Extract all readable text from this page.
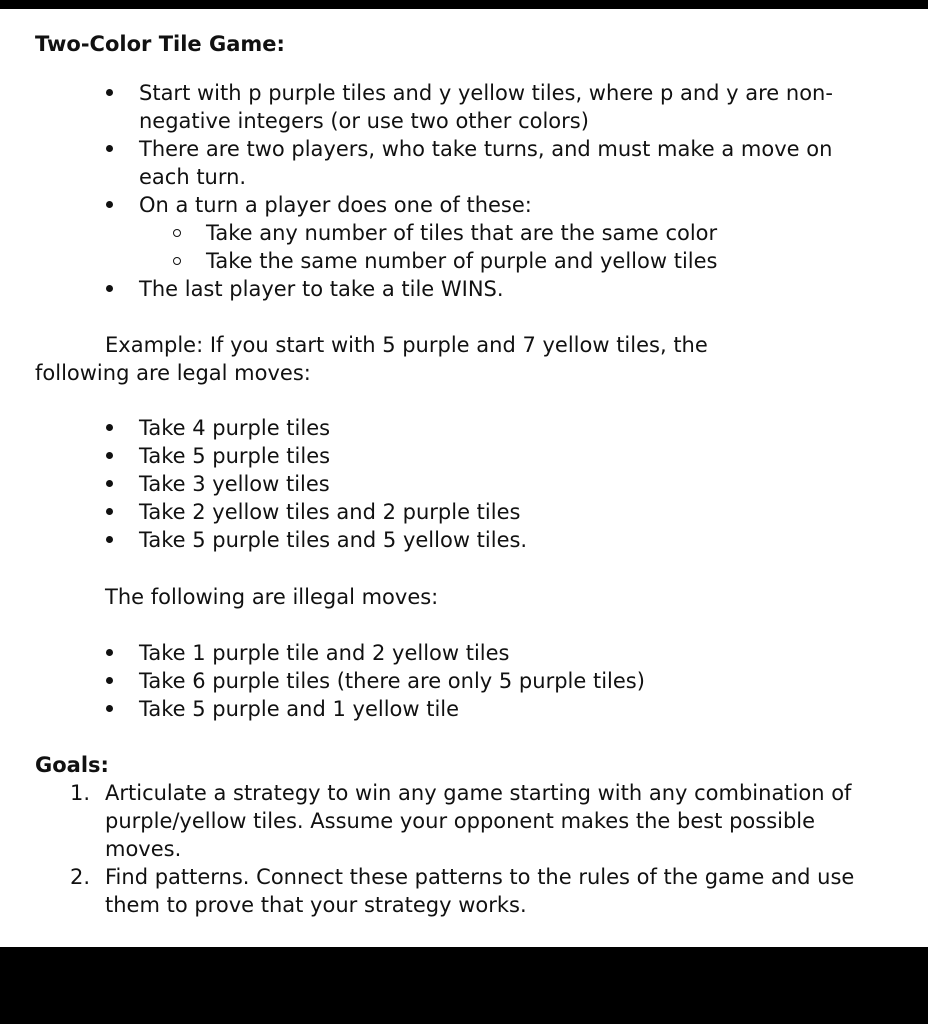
Two-Color Tile Game:
Start with p purple tiles and y yellow tiles, where p and y are non-negative integers (or use two other colors)
There are two players, who take turns, and must make a move on each turn.
On a turn a player does one of these:
Take any number of tiles that are the same color
Take the same number of purple and yellow tiles
The last player to take a tile WINS.
Example: If you start with 5 purple and 7 yellow tiles, the following are legal moves:
Take 4 purple tiles
Take 5 purple tiles
Take 3 yellow tiles
Take 2 yellow tiles and 2 purple tiles
Take 5 purple tiles and 5 yellow tiles.
The following are illegal moves:
Take 1 purple tile and 2 yellow tiles
Take 6 purple tiles (there are only 5 purple tiles)
Take 5 purple and 1 yellow tile
Goals:
1. Articulate a strategy to win any game starting with any combination of purple/yellow tiles. Assume your opponent makes the best possible moves.
2. Find patterns. Connect these patterns to the rules of the game and use them to prove that your strategy works.
